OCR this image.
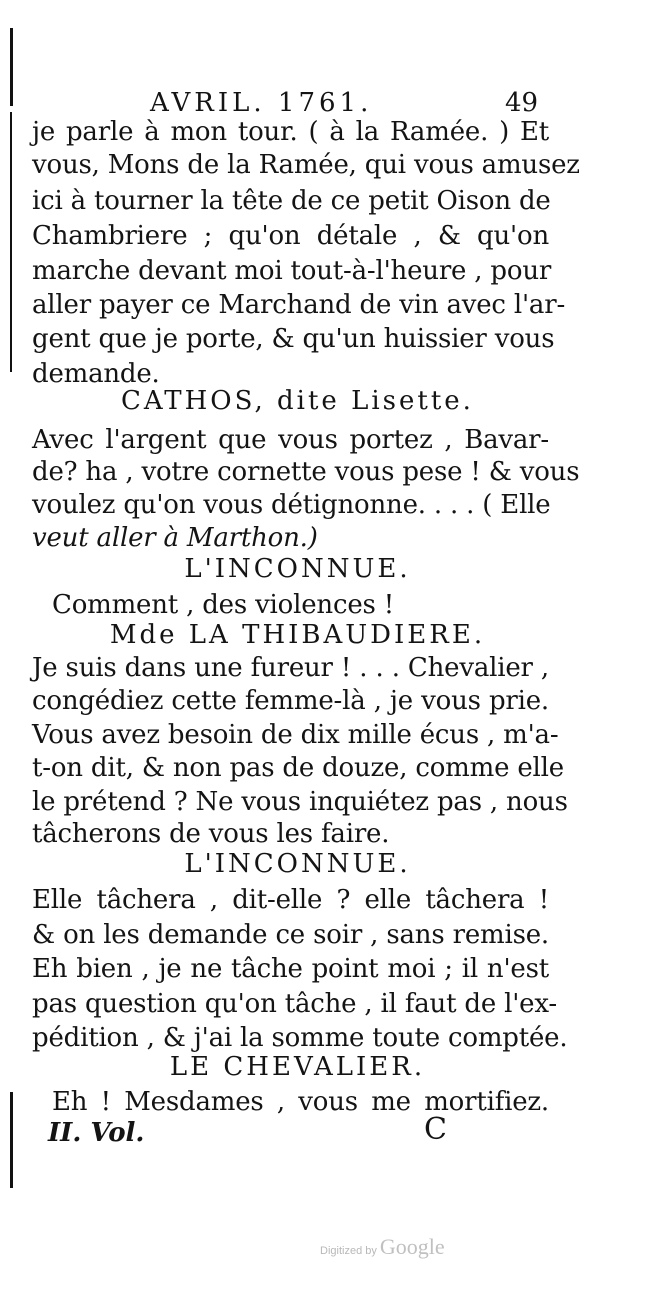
AVRIL. 1761.	49
je parle à mon tour. ( à la Ramée. ) Et
vous, Mons de la Ramée, qui vous amusez
ici à tourner la tête de ce petit Oison de
Chambriere ; qu'on détale , & qu'on
marche devant moi tout-à-l'heure , pour
aller payer ce Marchand de vin avec l'ar-
gent que je porte, & qu'un huissier vous
demande.
CATHOS, dite Lisette.
Avec l'argent que vous portez , Bavar-
de? ha , votre cornette vous pese ! & vous
voulez qu'on vous détignonne. . . . ( Elle
veut aller à Marthon.)
L'INCONNUE.
Comment , des violences !
Mde LA THIBAUDIERE.
Je suis dans une fureur ! . . . Chevalier ,
congédiez cette femme-là , je vous prie.
Vous avez besoin de dix mille écus , m'a-
t-on dit, & non pas de douze, comme elle
le prétend ? Ne vous inquiétez pas , nous
tâcherons de vous les faire.
L'INCONNUE.
Elle tâchera , dit-elle ? elle tâchera !
& on les demande ce soir , sans remise.
Eh bien , je ne tâche point moi ; il n'est
pas question qu'on tâche , il faut de l'ex-
pédition , & j'ai la somme toute comptée.
LE CHEVALIER.
Eh ! Mesdames , vous me mortifiez.
II. Vol.	C
Digitized by Google
